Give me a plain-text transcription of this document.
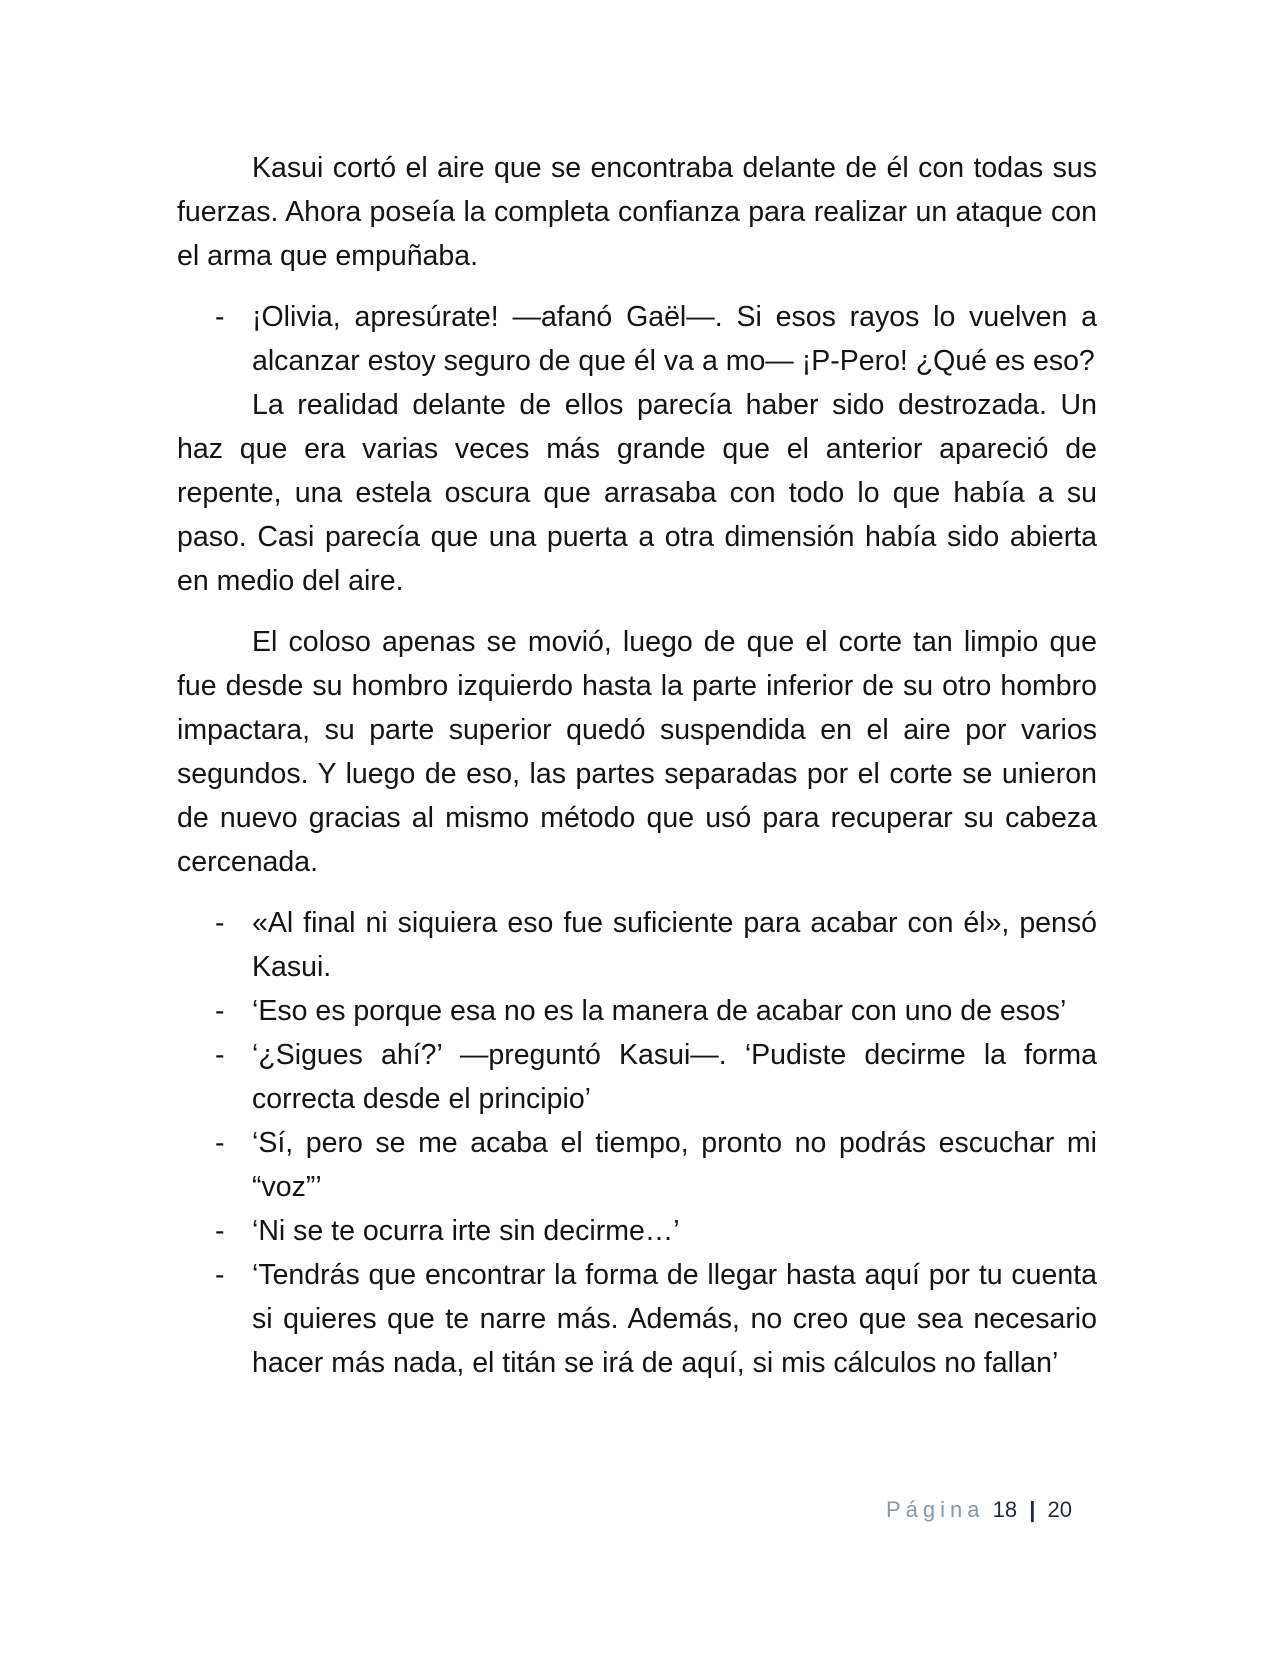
Kasui cortó el aire que se encontraba delante de él con todas sus fuerzas. Ahora poseía la completa confianza para realizar un ataque con el arma que empuñaba.

- ¡Olivia, apresúrate! —afanó Gaël—. Si esos rayos lo vuelven a alcanzar estoy seguro de que él va a mo— ¡P-Pero! ¿Qué es eso?

La realidad delante de ellos parecía haber sido destrozada. Un haz que era varias veces más grande que el anterior apareció de repente, una estela oscura que arrasaba con todo lo que había a su paso. Casi parecía que una puerta a otra dimensión había sido abierta en medio del aire.

El coloso apenas se movió, luego de que el corte tan limpio que fue desde su hombro izquierdo hasta la parte inferior de su otro hombro impactara, su parte superior quedó suspendida en el aire por varios segundos. Y luego de eso, las partes separadas por el corte se unieron de nuevo gracias al mismo método que usó para recuperar su cabeza cercenada.

- «Al final ni siquiera eso fue suficiente para acabar con él», pensó Kasui.
- ‘Eso es porque esa no es la manera de acabar con uno de esos’
- ‘¿Sigues ahí?’ —preguntó Kasui—. ‘Pudiste decirme la forma correcta desde el principio’
- ‘Sí, pero se me acaba el tiempo, pronto no podrás escuchar mi “voz”’
- ‘Ni se te ocurra irte sin decirme…’
- ‘Tendrás que encontrar la forma de llegar hasta aquí por tu cuenta si quieres que te narre más. Además, no creo que sea necesario hacer más nada, el titán se irá de aquí, si mis cálculos no fallan’
Página 18 | 20
